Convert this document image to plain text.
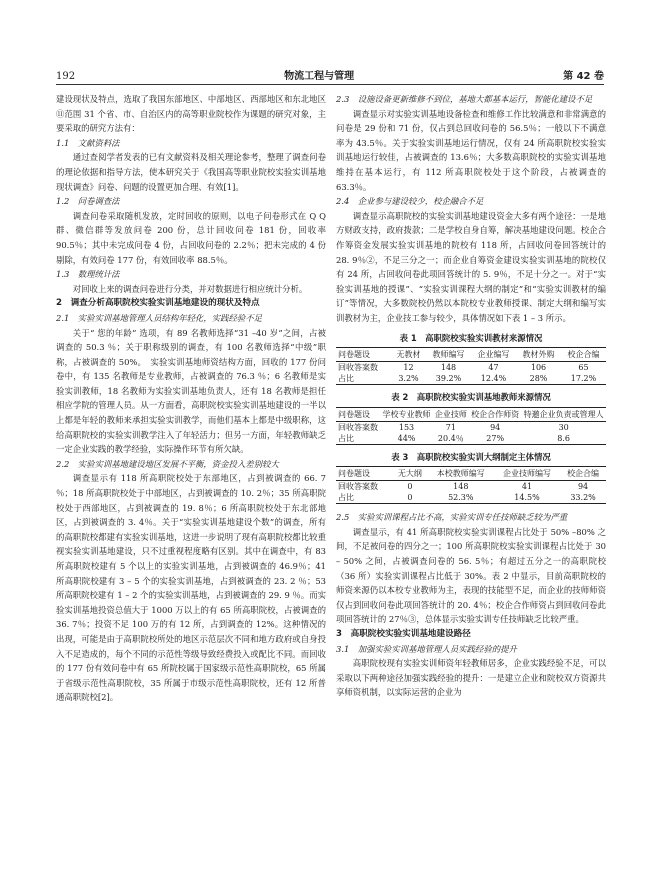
192	物流工程与管理	第 42 卷

建设现状及特点，选取了我国东部地区、中部地区、西部地区和东北地区⑪范围 31 个省、市、自治区内的高等职业院校作为课题的研究对象，主要采取的研究方法有：

1.1　文献资料法

通过查阅学者发表的已有文献资料及相关理论参考，整理了调查问卷的理论依据和指导方法，使本研究关于《我国高等职业院校实验实训基地现状调查》问卷、问题的设置更加合理、有效[1]。

1.2　问卷调查法

调查问卷采取随机发放，定时回收的原则，以电子问卷形式在 Q Q 群、微信群等发放问卷 200 份，总计回收问卷 181 份，回收率 90.5％；其中未完成问卷 4 份，占回收问卷的 2.2％；把未完成的 4 份剔除，有效问卷 177 份，有效回收率 88.5％。

1.3　数理统计法

对回收上来的调查问卷进行分类，并对数据进行相应统计分析。

2　调查分析高职院校实验实训基地建设的现状及特点

2.1　实验实训基地管理人员结构年轻化，实践经验不足

关于“ 您的年龄” 选项，有 89 名教师选择“31 –40 岁”之间，占被调查的 50.3 ％；关于职称级别的调查，有 100 名教师选择“中级”职称，占被调查的 50%。　实验实训基地师资结构方面，回收的 177 份问卷中，有 135 名教师是专业教师，占被调查的 76.3 ％；6 名教师是实验实训教师，18 名教师为实验实训基地负责人，还有 18 名教师是担任相应学院的管理人员。从一方面看，高职院校实验实训基地建设的一半以上都是年轻的教师来承担实验实训教学，而他们基本上都是中级职称，这给高职院校的实验实训教学注入了年轻活力；但另一方面，年轻教师缺乏一定企业实践的教学经验，实际操作环节有所欠缺。

2.2　实验实训基地建设地区发展不平衡，资金投入差别较大

调查显示有 118 所高职院校处于东部地区，占到被调查的 66. 7 ％；18 所高职院校处于中部地区，占到被调查的 10. 2％；35 所高职院校处于西部地区，占到被调查的 19. 8％；6 所高职院校处于东北部地区，占到被调查的 3. 4％。关于“实验实训基地建设个数”的调查，所有的高职院校都建有实验实训基地，这进一步说明了现有高职院校都比较重视实验实训基地建设，只不过重视程度略有区别。其中在调查中，有 83 所高职院校建有 5 个以上的实验实训基地，占到被调查的 46.9％；41 所高职院校建有 3 – 5 个的实验实训基地，占到被调查的 23. 2 ％；53 所高职院校建有 1 – 2 个的实验实训基地，占到被调查的 29. 9 ％。而实验实训基地投资总值大于 1000 万以上的有 65 所高职院校，占被调查的 36. 7％；投资不足 100 万的有 12 所，占到调查的 12%。这种情况的出现，可能是由于高职院校所处的地区示范层次不同和地方政府或自身投入不足造成的，每个不同的示范性等级导致经费投入或配比不同。而回收的 177 份有效问卷中有 65 所院校属于国家级示范性高职院校，65 所属于省级示范性高职院校，35 所属于市级示范性高职院校，还有 12 所普通高职院校[2]。

2.3　设施设备更新维修不到位，基地大都基本运行，智能化建设不足

调查显示对实验实训基地设备检查和维修工作比较满意和非常满意的问卷是 29 份和 71 份，仅占到总回收问卷的 56.5％；一般以下不满意率为 43.5％。关于实验实训基地运行情况，仅有 24 所高职院校实验实训基地运行较佳，占被调查的 13.6％；大多数高职院校的实验实训基地维持在基本运行，有 112 所高职院校处于这个阶段，占被调查的 63.3％。

2.4　企业参与建设较少，校企融合不足

调查显示高职院校的实验实训基地建设资金大多有两个途径：一是地方财政支持，政府拨款；二是学校自身自筹，解决基地建设问题。校企合作筹资金发展实验实训基地的院校有 118 所，占回收问卷回答统计的 28. 9％②，不足三分之一；而企业自筹资金建设实验实训基地的院校仅有 24 所，占回收问卷此项回答统计的 5. 9％，不足十分之一。对于“实验实训基地的授课”、“实验实训课程大纲的制定”和“实验实训教材的编订”等情况，大多数院校仍然以本院校专业教师授课、制定大纲和编写实训教材为主，企业技工参与较少，具体情况如下表 1 – 3 所示。

表 1　高职院校实验实训教材来源情况
问卷题设	无教材	教师编写	企业编写	教材外购	校企合编
回收答案数	12	148	47	106	65
占比	3.2%	39.2%	12.4%	28%	17.2%
表 2　高职院校实验实训基地教师来源情况
问卷题设	学校专业教师	企业技师	校企合作师资	特邀企业负责或管理人
回收答案数	153	71	94	30
占比	44%	20.4％	27%	8.6
表 3　高职院校实验实训大纲制定主体情况
问卷题设	无大纲	本校教师编写	企业技师编写	校企合编
回收答案数	0	148	41	94
占比	0	52.3%	14.5%	33.2%

2.5　实验实训课程占比不高，实验实训专任技师缺乏较为严重

调查显示，有 41 所高职院校实验实训课程占比处于 50% –80% 之间，不足被问卷的四分之一；100 所高职院校实验实训课程占比处于 30 – 50% 之间，占被调查问卷的 56. 5％；有超过五分之一的高职院校（36 所）实验实训课程占比低于 30%。表 2 中显示，目前高职院校的师资来源仍以本校专业教师为主，表现的技能型不足，而企业的技师师资仅占到回收问卷此项回答统计的 20. 4％；校企合作师资占到回收问卷此项回答统计的 27％③，总体显示实验实训专任技师缺乏比较严重。

3　高职院校实验实训基地建设路径

3.1　加强实验实训基地管理人员实践经验的提升

高职院校现有实验实训师资年轻教师居多，企业实践经验不足，可以采取以下两种途径加强实践经验的提升：一是建立企业和院校双方资源共享师资机制，以实际运营的企业为
